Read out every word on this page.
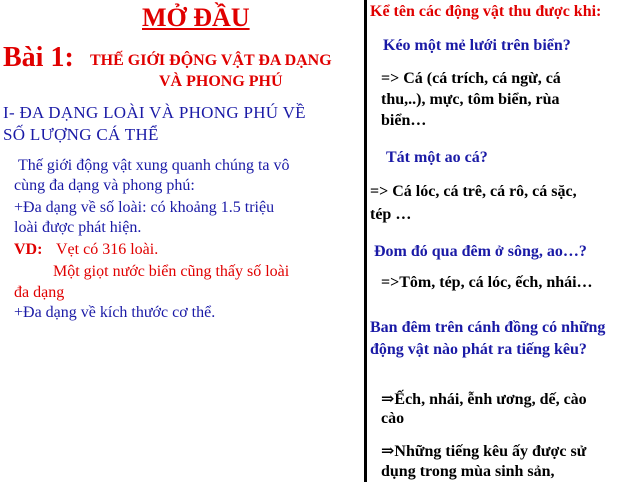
MỞ ĐẦU
Bài 1: THẾ GIỚI ĐỘNG VẬT ĐA DẠNG
VÀ PHONG PHÚ
I- ĐA DẠNG LOÀI VÀ PHONG PHÚ VỀ
SỐ LƯỢNG CÁ THỂ
Thế giới động vật xung quanh chúng ta vô
cùng đa dạng và phong phú:
+Đa dạng về số loài: có khoảng 1.5 triệu
loài được phát hiện.
VD: Vẹt có 316 loài.
Một giọt nước biển cũng thấy số loài
đa dạng
+Đa dạng về kích thước cơ thể.
Kể tên các động vật thu được khi:
Kéo một mẻ lưới trên biển?
=> Cá (cá trích, cá ngừ, cá
thu,..), mực, tôm biển, rùa
biển…
Tát một ao cá?
=> Cá lóc, cá trê, cá rô, cá sặc,
tép …
Đom đó qua đêm ở sông, ao…?
=>Tôm, tép, cá lóc, ếch, nhái…
Ban đêm trên cánh đồng có những
động vật nào phát ra tiếng kêu?
⇒Ếch, nhái, ễnh ương, dế, cào
cào
⇒Những tiếng kêu ấy được sử
dụng trong mùa sinh sản,
